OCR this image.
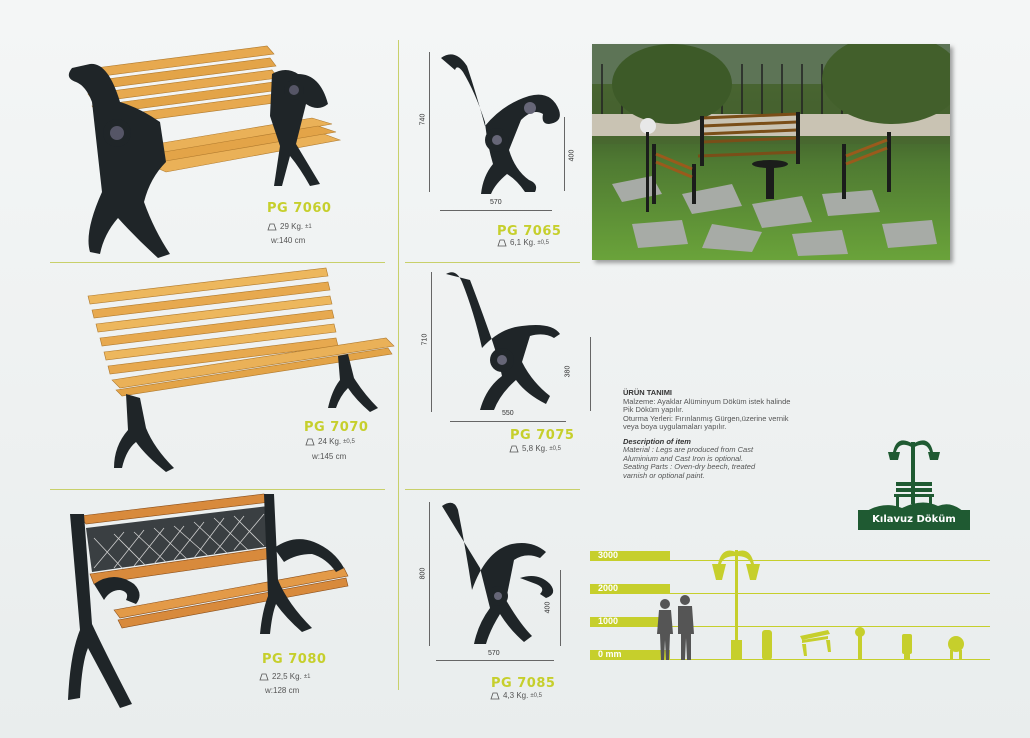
PG 7060
29 Kg. ±1
w:140 cm
740
400
570
PG 7065
6,1 Kg. ±0,5
PG 7070
24 Kg. ±0,5
w:145 cm
710
380
550
PG 7075
5,8 Kg. ±0,5
ÜRÜN TANIMI
Malzeme: Ayaklar Alüminyum Döküm istek halinde
Pik Döküm yapılır.
Oturma Yerleri: Fırınlanmış Gürgen,üzerine vernik
veya boya uygulamaları yapılır.
Description of item
Material : Legs are produced from Cast
Aluminium and Cast Iron is optional.
Seating Parts : Oven-dry beech, treated
varnish or optional paint.
Kılavuz Döküm
PG 7080
22,5 Kg. ±1
w:128 cm
800
400
570
PG 7085
4,3 Kg. ±0,5
3000
2000
1000
0 mm
